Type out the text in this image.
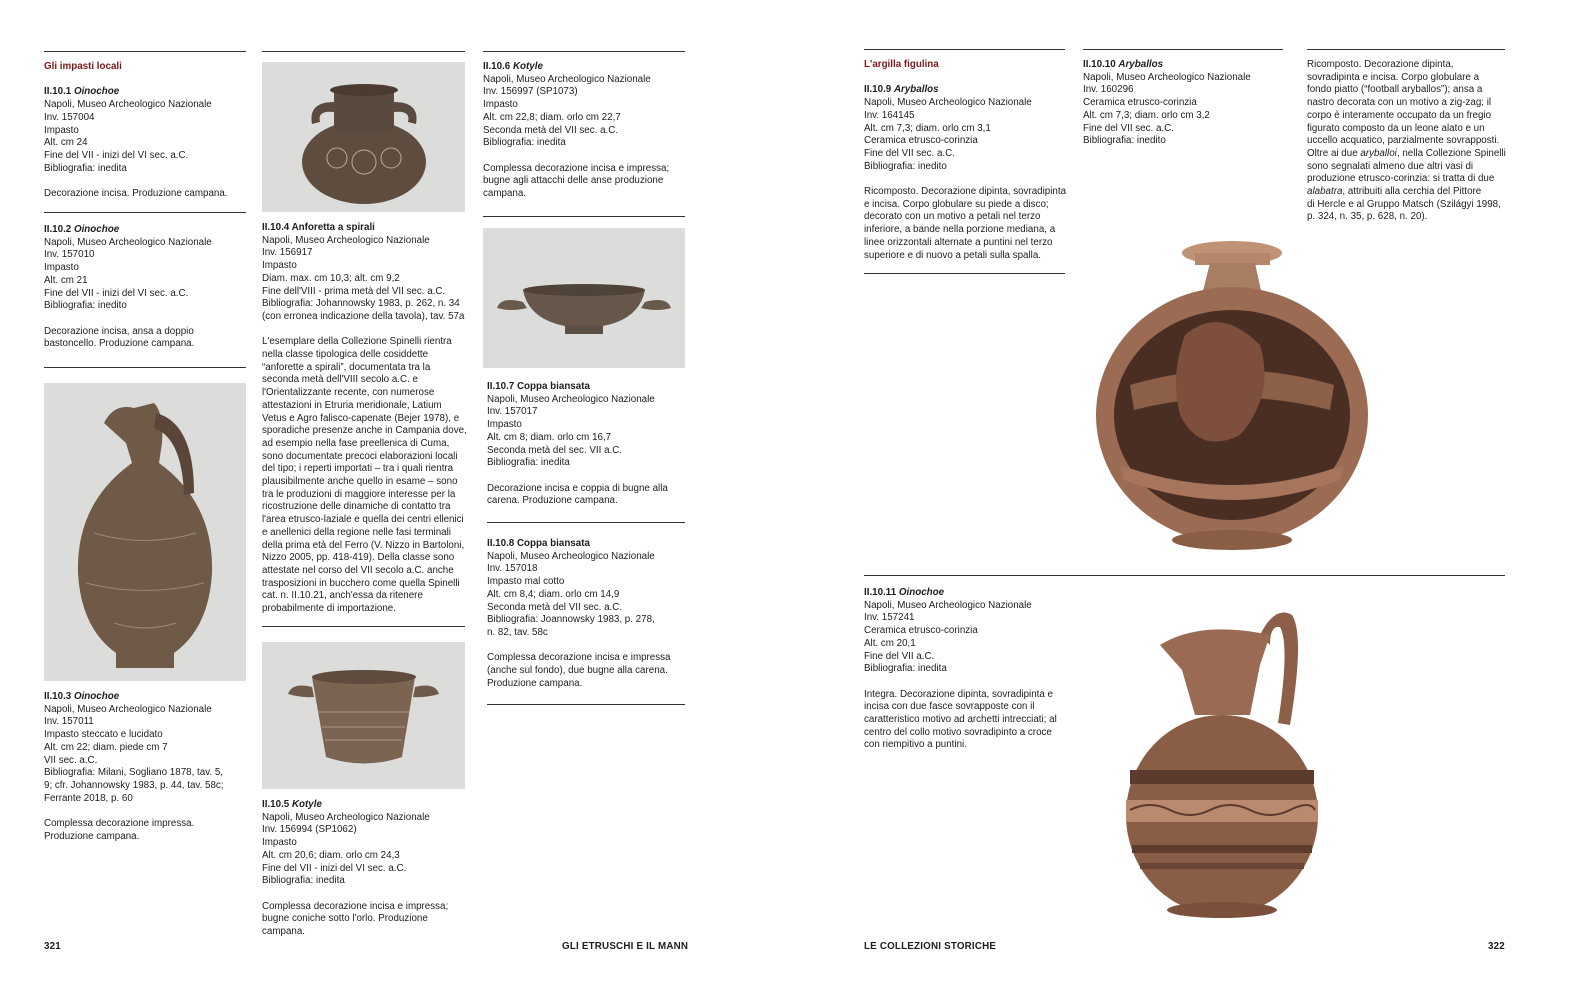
Gli impasti locali
II.10.1 Oinochoe
Napoli, Museo Archeologico Nazionale
Inv. 157004
Impasto
Alt. cm 24
Fine del VII - inizi del VI sec. a.C.
Bibliografia: inedita
Decorazione incisa. Produzione campana.
II.10.2 Oinochoe
Napoli, Museo Archeologico Nazionale
Inv. 157010
Impasto
Alt. cm 21
Fine del VII - inizi del VI sec. a.C.
Bibliografia: inedito
Decorazione incisa, ansa a doppio bastoncello. Produzione campana.
II.10.3 Oinochoe
Napoli, Museo Archeologico Nazionale
Inv. 157011
Impasto steccato e lucidato
Alt. cm 22; diam. piede cm 7
VII sec. a.C.
Bibliografia: Milani, Sogliano 1878, tav. 5,
9; cfr. Johannowsky 1983, p. 44, tav. 58c;
Ferrante 2018, p. 60
Complessa decorazione impressa. Produzione campana.
II.10.4 Anforetta a spirali
Napoli, Museo Archeologico Nazionale
Inv. 156917
Impasto
Diam. max. cm 10,3; alt. cm 9,2
Fine dell'VIII - prima metà del VII sec. a.C.
Bibliografia: Johannowsky 1983, p. 262, n. 34
(con erronea indicazione della tavola), tav. 57a
L'esemplare della Collezione Spinelli rientra nella classe tipologica delle cosiddette “anforette a spirali”, documentata tra la seconda metà dell'VIII secolo a.C. e l'Orientalizzante recente, con numerose attestazioni in Etruria meridionale, Latium Vetus e Agro falisco-capenate (Bejer 1978), e sporadiche presenze anche in Campania dove, ad esempio nella fase preellenica di Cuma, sono documentate precoci elaborazioni locali del tipo; i reperti importati – tra i quali rientra plausibilmente anche quello in esame – sono tra le produzioni di maggiore interesse per la ricostruzione delle dinamiche di contatto tra l'area etrusco-laziale e quella dei centri ellenici e anellenici della regione nelle fasi terminali della prima età del Ferro (V. Nizzo in Bartoloni, Nizzo 2005, pp. 418-419). Della classe sono attestate nel corso del VII secolo a.C. anche trasposizioni in bucchero come quella Spinelli cat. n. II.10.21, anch'essa da ritenere probabilmente di importazione.
II.10.5 Kotyle
Napoli, Museo Archeologico Nazionale
Inv. 156994 (SP1062)
Impasto
Alt. cm 20,6; diam. orlo cm 24,3
Fine del VII - inizi del VI sec. a.C.
Bibliografia: inedita
Complessa decorazione incisa e impressa; bugne coniche sotto l'orlo. Produzione campana.
II.10.6 Kotyle
Napoli, Museo Archeologico Nazionale
Inv. 156997 (SP1073)
Impasto
Alt. cm 22,8; diam. orlo cm 22,7
Seconda metà del VII sec. a.C.
Bibliografia: inedita
Complessa decorazione incisa e impressa; bugne agli attacchi delle anse produzione campana.
II.10.7 Coppa biansata
Napoli, Museo Archeologico Nazionale
Inv. 157017
Impasto
Alt. cm 8; diam. orlo cm 16,7
Seconda metà del sec. VII a.C.
Bibliografia: inedita
Decorazione incisa e coppia di bugne alla carena. Produzione campana.
II.10.8 Coppa biansata
Napoli, Museo Archeologico Nazionale
Inv. 157018
Impasto mal cotto
Alt. cm 8,4; diam. orlo cm 14,9
Seconda metà del VII sec. a.C.
Bibliografia: Joannowsky 1983, p. 278,
n. 82, tav. 58c
Complessa decorazione incisa e impressa (anche sul fondo), due bugne alla carena. Produzione campana.
L'argilla figulina
II.10.9 Aryballos
Napoli, Museo Archeologico Nazionale
Inv. 164145
Alt. cm 7,3; diam. orlo cm 3,1
Ceramica etrusco-corinzia
Fine del VII sec. a.C.
Bibliografia: inedito
Ricomposto. Decorazione dipinta, sovradipinta e incisa. Corpo globulare su piede a disco; decorato con un motivo a petali nel terzo inferiore, a bande nella porzione mediana, a linee orizzontali alternate a puntini nel terzo superiore e di nuovo a petali sulla spalla.
II.10.10 Aryballos
Napoli, Museo Archeologico Nazionale
Inv. 160296
Ceramica etrusco-corinzia
Alt. cm 7,3; diam. orlo cm 3,2
Fine del VII sec. a.C.
Bibliografia: inedito
Ricomposto. Decorazione dipinta,
sovradipinta e incisa. Corpo globulare a
fondo piatto (“football aryballos”); ansa a
nastro decorata con un motivo a zig-zag; il
corpo è interamente occupato da un fregio
figurato composto da un leone alato e un
uccello acquatico, parzialmente sovrapposti.
Oltre ai due aryballoi, nella Collezione Spinelli
sono segnalati almeno due altri vasi di
produzione etrusco-corinzia: si tratta di due
alabatra, attribuiti alla cerchia del Pittore
di Hercle e al Gruppo Matsch (Szilágyi 1998,
p. 324, n. 35, p. 628, n. 20).
II.10.11 Oinochoe
Napoli, Museo Archeologico Nazionale
Inv. 157241
Ceramica etrusco-corinzia
Alt. cm 20,1
Fine del VII a.C.
Bibliografia: inedita
Integra. Decorazione dipinta, sovradipinta e incisa con due fasce sovrapposte con il caratteristico motivo ad archetti intrecciati; al centro del collo motivo sovradipinto a croce con riempitivo a puntini.
321	GLI ETRUSCHI E IL MANN	LE COLLEZIONI STORICHE	322
